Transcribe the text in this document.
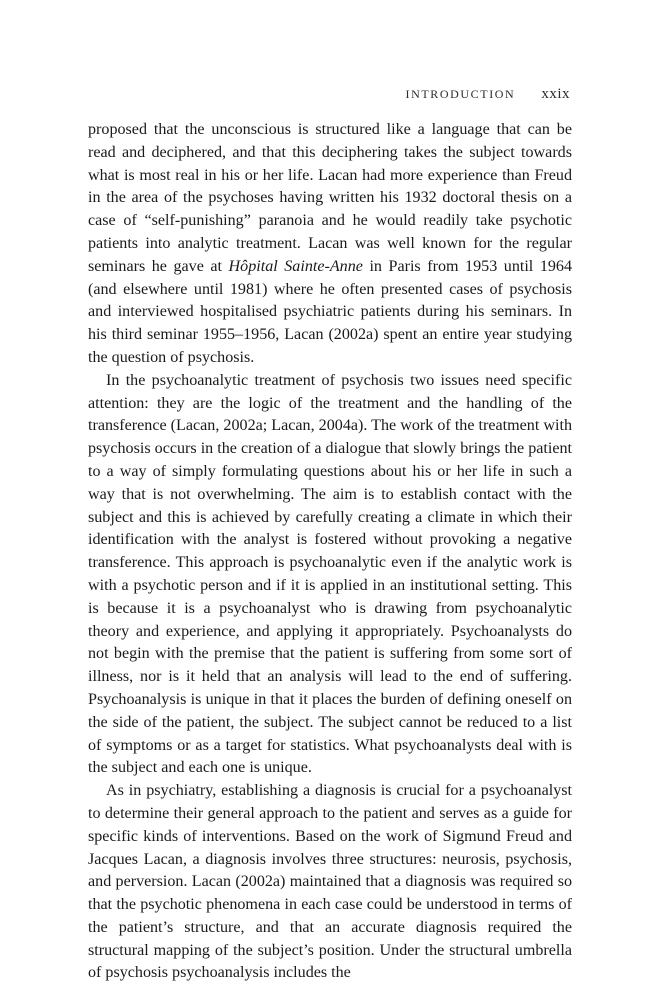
INTRODUCTION xxix

proposed that the unconscious is structured like a language that can be read and deciphered, and that this deciphering takes the subject towards what is most real in his or her life. Lacan had more experience than Freud in the area of the psychoses having written his 1932 doctoral thesis on a case of “self-punishing” paranoia and he would readily take psychotic patients into analytic treatment. Lacan was well known for the regular seminars he gave at Hôpital Sainte-Anne in Paris from 1953 until 1964 (and elsewhere until 1981) where he often presented cases of psychosis and interviewed hospitalised psychiatric patients during his seminars. In his third seminar 1955–1956, Lacan (2002a) spent an entire year studying the question of psychosis.

In the psychoanalytic treatment of psychosis two issues need specific attention: they are the logic of the treatment and the handling of the transference (Lacan, 2002a; Lacan, 2004a). The work of the treatment with psychosis occurs in the creation of a dialogue that slowly brings the patient to a way of simply formulating questions about his or her life in such a way that is not overwhelming. The aim is to establish contact with the subject and this is achieved by carefully creating a climate in which their identification with the analyst is fostered without provoking a negative transference. This approach is psychoanalytic even if the analytic work is with a psychotic person and if it is applied in an institutional setting. This is because it is a psychoanalyst who is drawing from psychoanalytic theory and experience, and applying it appropriately. Psychoanalysts do not begin with the premise that the patient is suffering from some sort of illness, nor is it held that an analysis will lead to the end of suffering. Psychoanalysis is unique in that it places the burden of defining oneself on the side of the patient, the subject. The subject cannot be reduced to a list of symptoms or as a target for statistics. What psychoanalysts deal with is the subject and each one is unique.

As in psychiatry, establishing a diagnosis is crucial for a psychoanalyst to determine their general approach to the patient and serves as a guide for specific kinds of interventions. Based on the work of Sigmund Freud and Jacques Lacan, a diagnosis involves three structures: neurosis, psychosis, and perversion. Lacan (2002a) maintained that a diagnosis was required so that the psychotic phenomena in each case could be understood in terms of the patient’s structure, and that an accurate diagnosis required the structural mapping of the subject’s position. Under the structural umbrella of psychosis psychoanalysis includes the
